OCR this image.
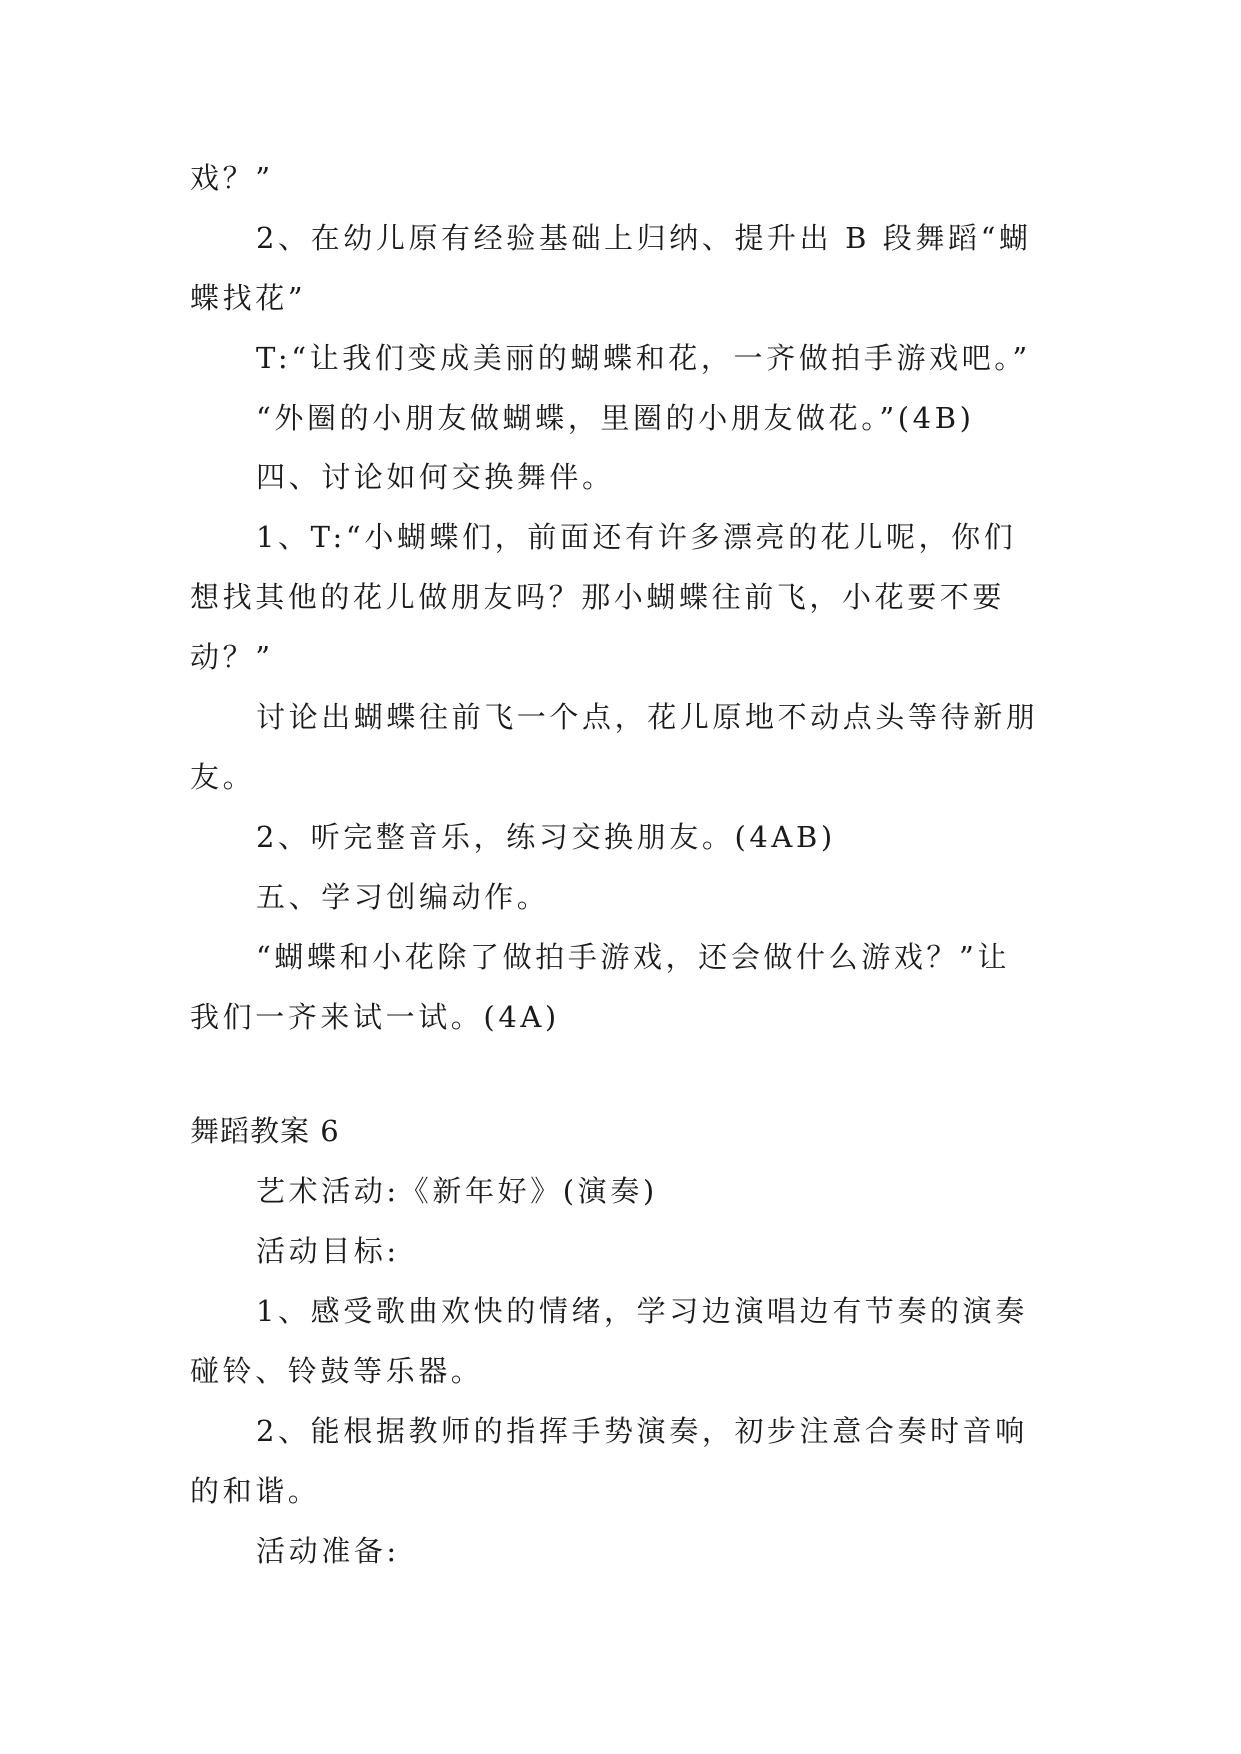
戏？”
2、在幼儿原有经验基础上归纳、提升出 B 段舞蹈“蝴
蝶找花”
T:“让我们变成美丽的蝴蝶和花，一齐做拍手游戏吧。”
“外圈的小朋友做蝴蝶，里圈的小朋友做花。”(4B)
四、讨论如何交换舞伴。
1、T:“小蝴蝶们，前面还有许多漂亮的花儿呢，你们
想找其他的花儿做朋友吗？那小蝴蝶往前飞，小花要不要
动？”
讨论出蝴蝶往前飞一个点，花儿原地不动点头等待新朋
友。
2、听完整音乐，练习交换朋友。(4AB)
五、学习创编动作。
“蝴蝶和小花除了做拍手游戏，还会做什么游戏？”让
我们一齐来试一试。(4A)
舞蹈教案 6
艺术活动:《新年好》(演奏)
活动目标:
1、感受歌曲欢快的情绪，学习边演唱边有节奏的演奏
碰铃、铃鼓等乐器。
2、能根据教师的指挥手势演奏，初步注意合奏时音响
的和谐。
活动准备:
